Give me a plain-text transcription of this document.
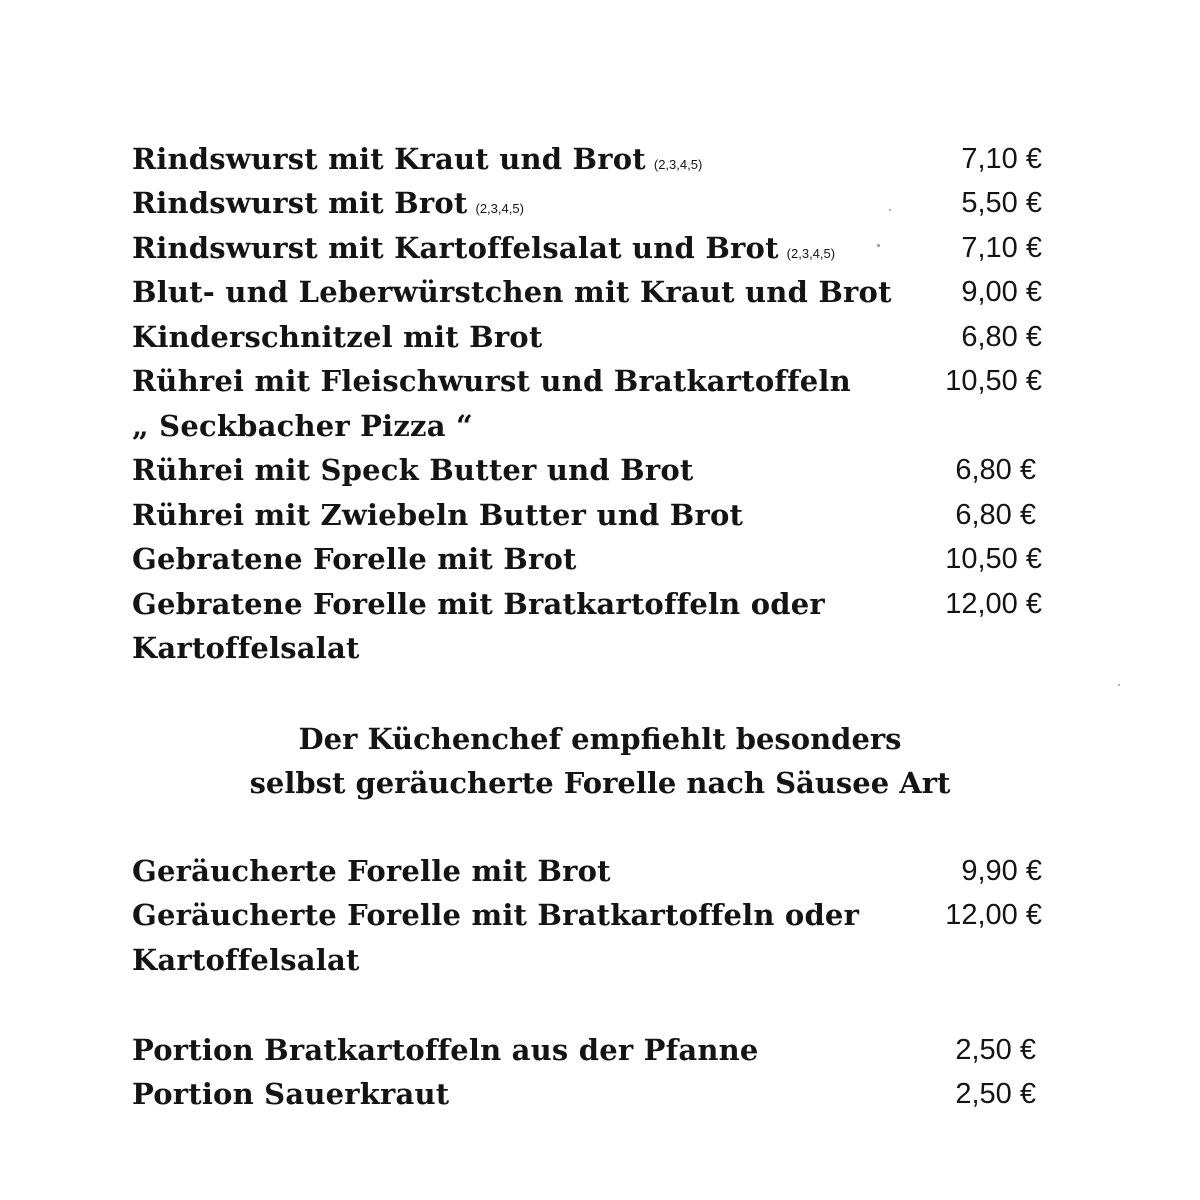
Rindswurst mit Kraut und Brot (2,3,4,5)	7,10 €
Rindswurst mit Brot (2,3,4,5)	5,50 €
Rindswurst mit Kartoffelsalat und Brot (2,3,4,5)	7,10 €
Blut- und Leberwürstchen mit Kraut und Brot 9,00 €
Kinderschnitzel mit Brot	6,80 €
Rührei mit Fleischwurst und Bratkartoffeln	10,50 €
„ Seckbacher Pizza “
Rührei mit Speck Butter und Brot	6,80 €
Rührei mit Zwiebeln Butter und Brot	6,80 €
Gebratene Forelle mit Brot	10,50 €
Gebratene Forelle mit Bratkartoffeln oder	12,00 €
Kartoffelsalat
Der Küchenchef empfiehlt besonders
selbst geräucherte Forelle nach Säusee Art
Geräucherte Forelle mit Brot	9,90 €
Geräucherte Forelle mit Bratkartoffeln oder	12,00 €
Kartoffelsalat
Portion Bratkartoffeln aus der Pfanne	2,50 €
Portion Sauerkraut	2,50 €
